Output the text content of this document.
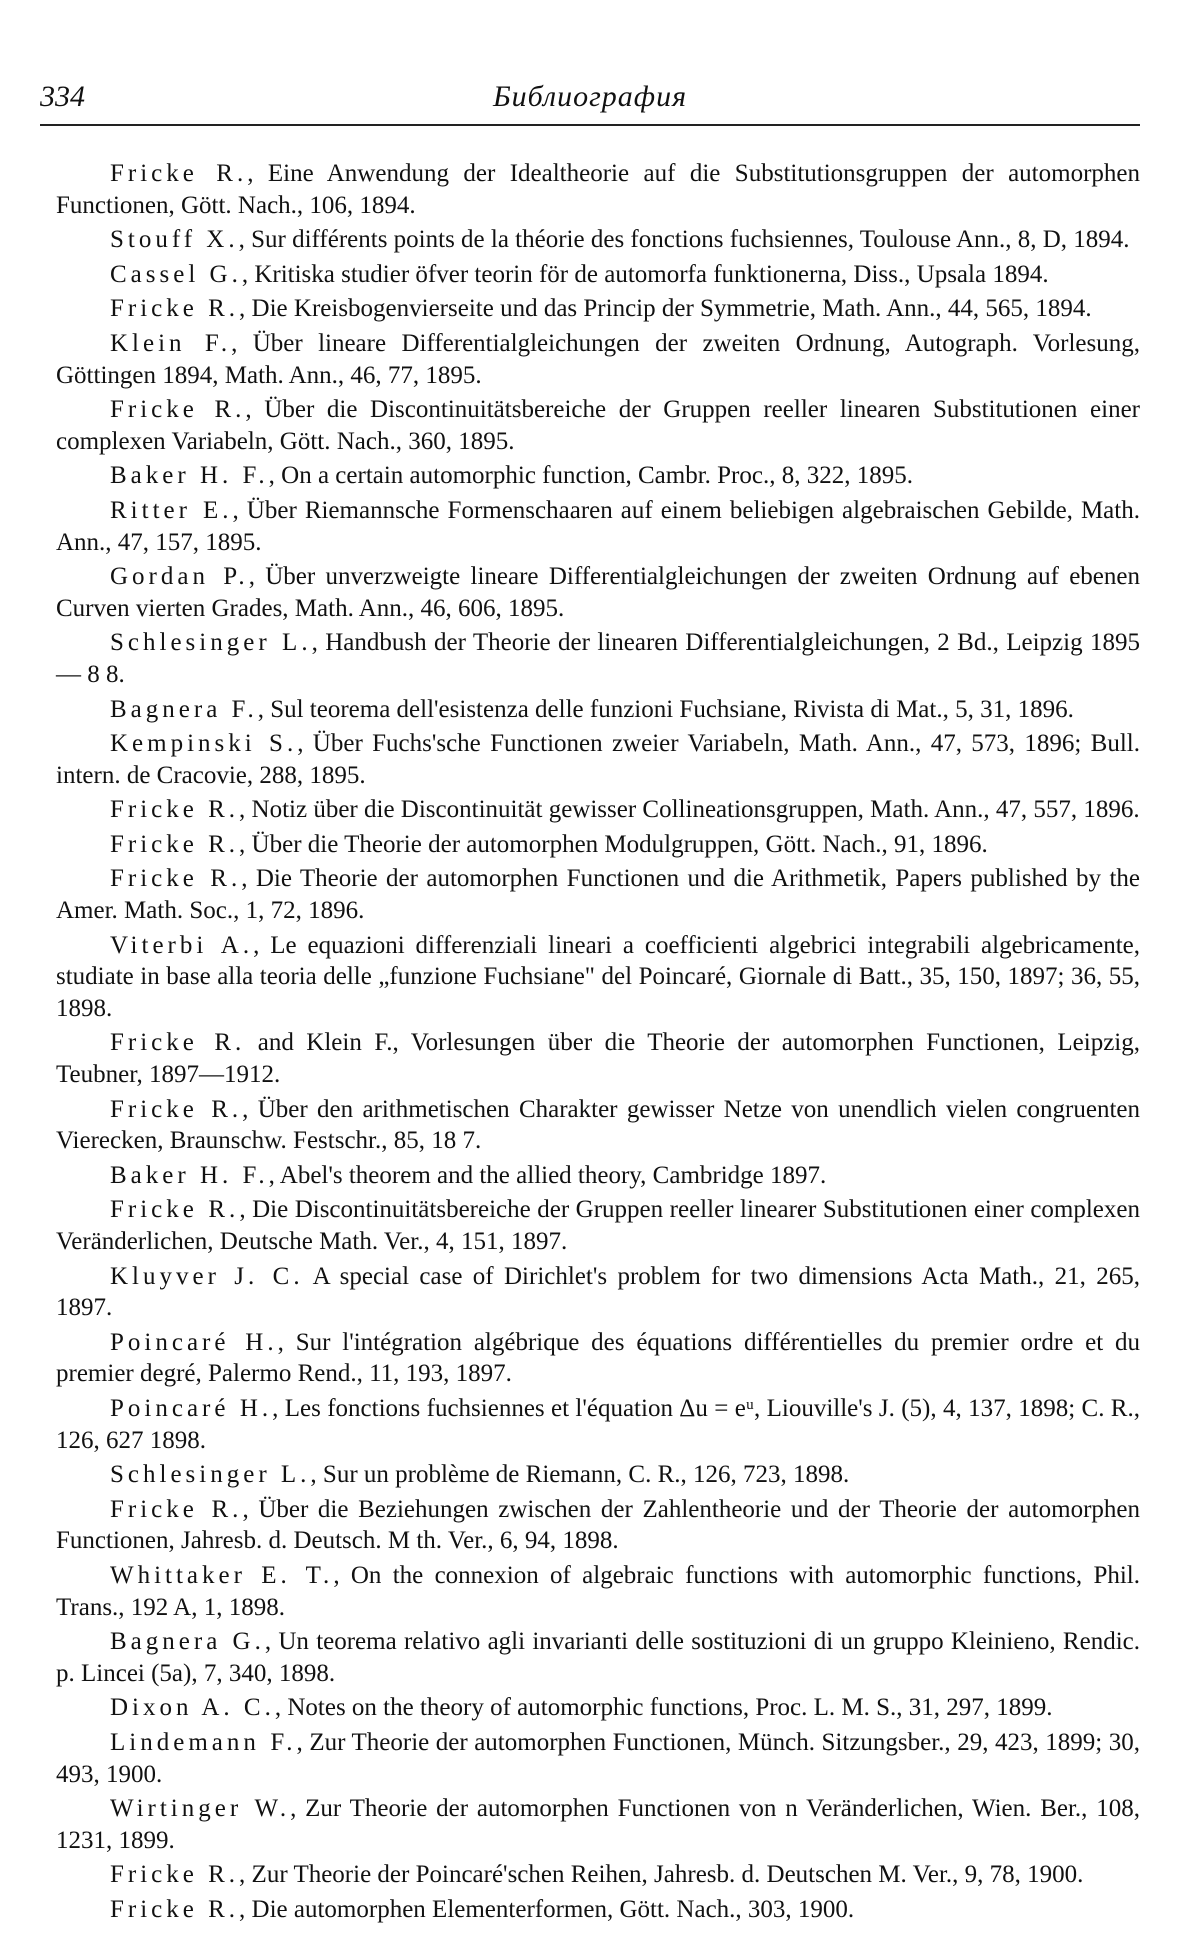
334	Библиография

Fricke R., Eine Anwendung der Idealtheorie auf die Substitutionsgruppen der automorphen Functionen, Gött. Nach., 106, 1894.

Stouff X., Sur différents points de la théorie des fonctions fuchsiennes, Toulouse Ann., 8, D, 1894.

Cassel G., Kritiska studier öfver teorin för de automorfa funktionerna, Diss., Upsala 1894.

Fricke R., Die Kreisbogenvierseite und das Princip der Symmetrie, Math. Ann., 44, 565, 1894.

Klein F., Über lineare Differentialgleichungen der zweiten Ordnung, Autograph. Vorlesung, Göttingen 1894, Math. Ann., 46, 77, 1895.

Fricke R., Über die Discontinuitätsbereiche der Gruppen reeller linearen Substitutionen einer complexen Variabeln, Gött. Nach., 360, 1895.

Baker H. F., On a certain automorphic function, Cambr. Proc., 8, 322, 1895.

Ritter E., Über Riemannsche Formenschaaren auf einem beliebigen algebraischen Gebilde, Math. Ann., 47, 157, 1895.

Gordan P., Über unverzweigte lineare Differentialgleichungen der zweiten Ordnung auf ebenen Curven vierten Grades, Math. Ann., 46, 606, 1895.

Schlesinger L., Handbush der Theorie der linearen Differentialgleichungen, 2 Bd., Leipzig 1895— 8 8.

Bagnera F., Sul teorema dell'esistenza delle funzioni Fuchsiane, Rivista di Mat., 5, 31, 1896.

Kempinski S., Über Fuchs'sche Functionen zweier Variabeln, Math. Ann., 47, 573, 1896; Bull. intern. de Cracovie, 288, 1895.

Fricke R., Notiz über die Discontinuität gewisser Collineationsgruppen, Math. Ann., 47, 557, 1896.

Fricke R., Über die Theorie der automorphen Modulgruppen, Gött. Nach., 91, 1896.

Fricke R., Die Theorie der automorphen Functionen und die Arithmetik, Papers published by the Amer. Math. Soc., 1, 72, 1896.

Viterbi A., Le equazioni differenziali lineari a coefficienti algebrici integrabili algebricamente, studiate in base alla teoria delle „funzione Fuchsiane" del Poincaré, Giornale di Batt., 35, 150, 1897; 36, 55, 1898.

Fricke R. and Klein F., Vorlesungen über die Theorie der automorphen Functionen, Leipzig, Teubner, 1897—1912.

Fricke R., Über den arithmetischen Charakter gewisser Netze von unendlich vielen congruenten Vierecken, Braunschw. Festschr., 85, 18 7.

Baker H. F., Abel's theorem and the allied theory, Cambridge 1897.

Fricke R., Die Discontinuitätsbereiche der Gruppen reeller linearer Substitutionen einer complexen Veränderlichen, Deutsche Math. Ver., 4, 151, 1897.

Kluyver J. C. A special case of Dirichlet's problem for two dimensions Acta Math., 21, 265, 1897.

Poincaré H., Sur l'intégration algébrique des équations différentielles du premier ordre et du premier degré, Palermo Rend., 11, 193, 1897.

Poincaré H., Les fonctions fuchsiennes et l'équation Δu = eᵘ, Liouville's J. (5), 4, 137, 1898; C. R., 126, 627 1898.

Schlesinger L., Sur un problème de Riemann, C. R., 126, 723, 1898.

Fricke R., Über die Beziehungen zwischen der Zahlentheorie und der Theorie der automorphen Functionen, Jahresb. d. Deutsch. M th. Ver., 6, 94, 1898.

Whittaker E. T., On the connexion of algebraic functions with automorphic functions, Phil. Trans., 192 A, 1, 1898.

Bagnera G., Un teorema relativo agli invarianti delle sostituzioni di un gruppo Kleinieno, Rendic. p. Lincei (5a), 7, 340, 1898.

Dixon A. C., Notes on the theory of automorphic functions, Proc. L. M. S., 31, 297, 1899.

Lindemann F., Zur Theorie der automorphen Functionen, Münch. Sitzungsber., 29, 423, 1899; 30, 493, 1900.

Wirtinger W., Zur Theorie der automorphen Functionen von n Veränderlichen, Wien. Ber., 108, 1231, 1899.

Fricke R., Zur Theorie der Poincaré'schen Reihen, Jahresb. d. Deutschen M. Ver., 9, 78, 1900.

Fricke R., Die automorphen Elementerformen, Gött. Nach., 303, 1900.
